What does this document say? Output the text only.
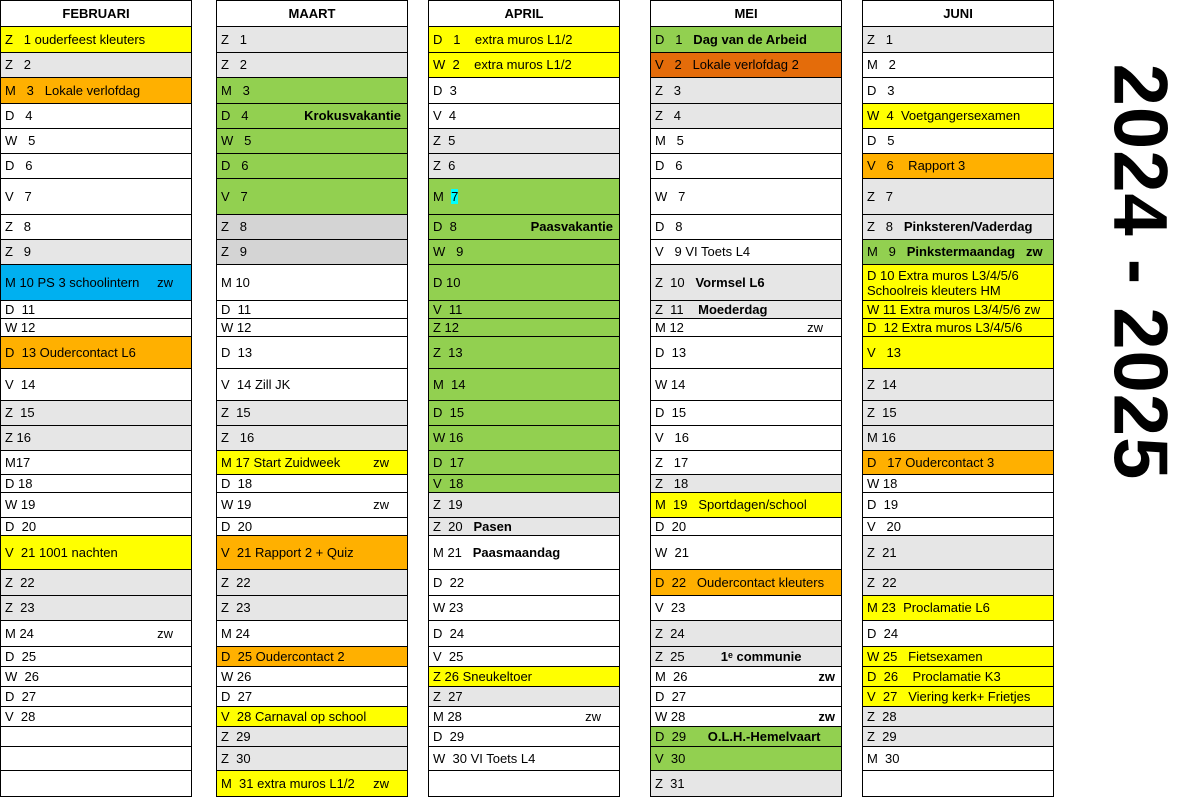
FEBRUARI
Z   1 ouderfeest kleuters
Z   2
M   3   Lokale verlofdag
D   4
W   5
D   6
V   7
Z   8
Z   9
M 10 PS 3 schoolintern	zw
D  11
W 12
D  13 Oudercontact L6
V  14
Z  15
Z 16
M17
D 18
W 19
D  20
V  21 1001 nachten
Z  22
Z  23
M 24	zw
D  25
W  26
D  27
V  28
MAART
Z   1
Z   2
M   3
D   4	Krokusvakantie
W   5
D   6
V   7
Z   8
Z   9
M 10
D  11
W 12
D  13
V  14 Zill JK
Z  15
Z   16
M 17 Start Zuidweek	zw
D  18
W 19	zw
D  20
V  21 Rapport 2 + Quiz
Z  22
Z  23
M 24
D  25 Oudercontact 2
W 26
D  27
V  28 Carnaval op school
Z  29
Z  30
M  31 extra muros L1/2	zw
APRIL
D   1    extra muros L1/2
W  2    extra muros L1/2
D  3
V  4
Z  5
Z  6
M  7
D  8	Paasvakantie
W   9
D 10
V  11
Z 12
Z  13
M  14
D  15
W 16
D  17
V  18
Z  19
Z  20   Pasen
M 21   Paasmaandag
D  22
W 23
D  24
V  25
Z 26 Sneukeltoer
Z  27
M 28	zw
D  29
W  30 VI Toets L4
MEI
D   1   Dag van de Arbeid
V   2   Lokale verlofdag 2
Z   3
Z   4
M   5
D   6
W   7
D   8
V   9 VI Toets L4
Z  10   Vormsel L6
Z  11    Moederdag
M 12	zw
D  13
W 14
D  15
V   16
Z   17
Z   18
M  19   Sportdagen/school
D  20
W  21
D  22   Oudercontact kleuters
V  23
Z  24
Z  25          1ᵉ communie
M  26	zw
D  27
W 28	zw
D  29      O.L.H.-Hemelvaart
V  30
Z  31
JUNI
Z   1
M   2
D   3
W  4  Voetgangersexamen
D   5
V   6    Rapport 3
Z   7
Z   8   Pinksteren/Vaderdag
M   9   Pinkstermaandag   zw
D 10 Extra muros L3/4/5/6 Schoolreis kleuters HM
W 11 Extra muros L3/4/5/6 zw
D  12 Extra muros L3/4/5/6
V   13
Z  14
Z  15
M 16
D   17 Oudercontact 3
W 18
D  19
V   20
Z  21
Z  22
M 23  Proclamatie L6
D  24
W 25   Fietsexamen
D  26    Proclamatie K3
V  27   Viering kerk+ Frietjes
Z  28
Z  29
M  30
2024 - 2025
